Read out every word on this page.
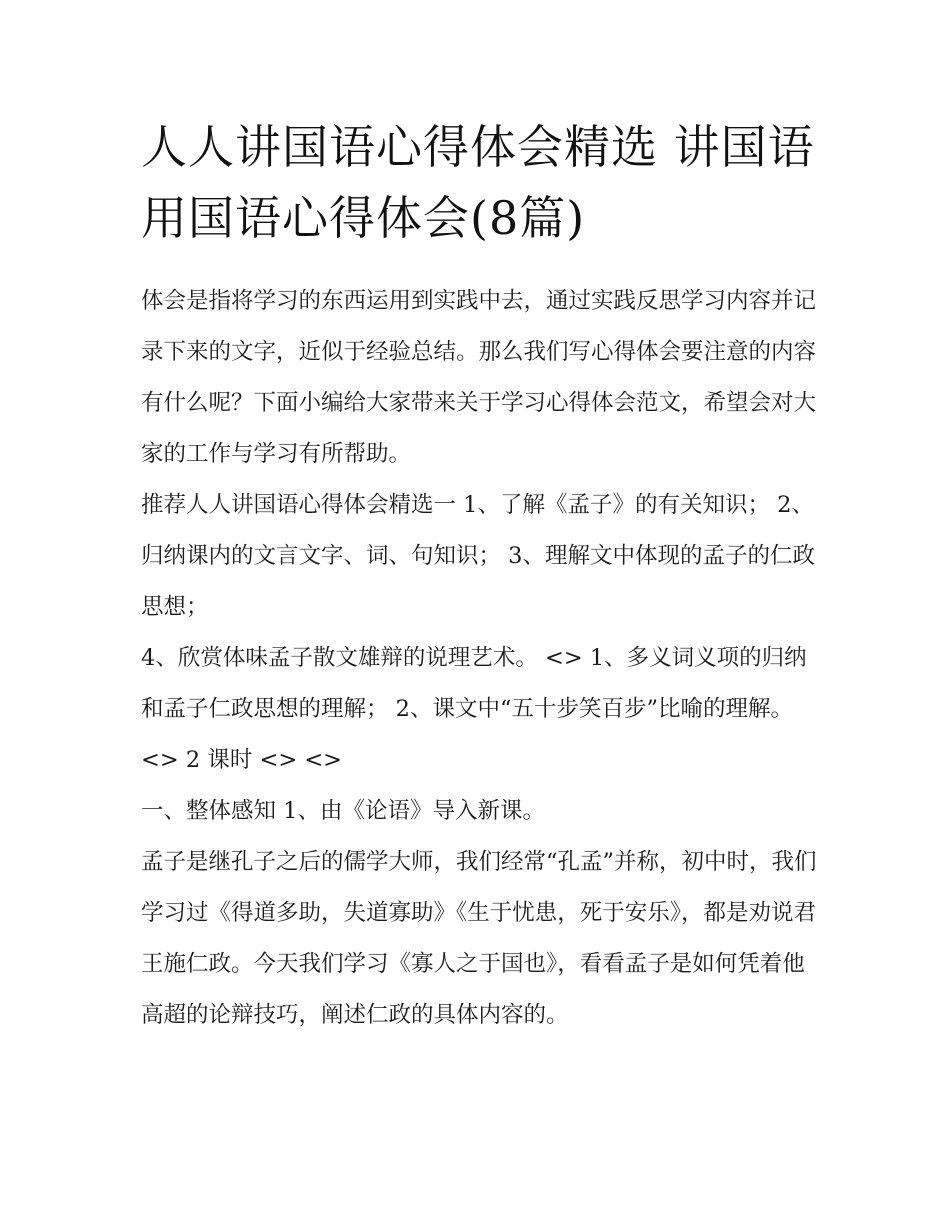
人人讲国语心得体会精选 讲国语用国语心得体会(8篇)

体会是指将学习的东西运用到实践中去，通过实践反思学习内容并记录下来的文字，近似于经验总结。那么我们写心得体会要注意的内容有什么呢？下面小编给大家带来关于学习心得体会范文，希望会对大家的工作与学习有所帮助。

推荐人人讲国语心得体会精选一 1、了解《孟子》的有关知识； 2、归纳课内的文言文字、词、句知识； 3、理解文中体现的孟子的仁政思想；

4、欣赏体味孟子散文雄辩的说理艺术。 <> 1、多义词义项的归纳和孟子仁政思想的理解； 2、课文中“五十步笑百步”比喻的理解。 <> 2 课时 <> <>

一、整体感知 1、由《论语》导入新课。

孟子是继孔子之后的儒学大师，我们经常“孔孟”并称，初中时，我们学习过《得道多助，失道寡助》《生于忧患，死于安乐》，都是劝说君王施仁政。今天我们学习《寡人之于国也》，看看孟子是如何凭着他高超的论辩技巧，阐述仁政的具体内容的。
